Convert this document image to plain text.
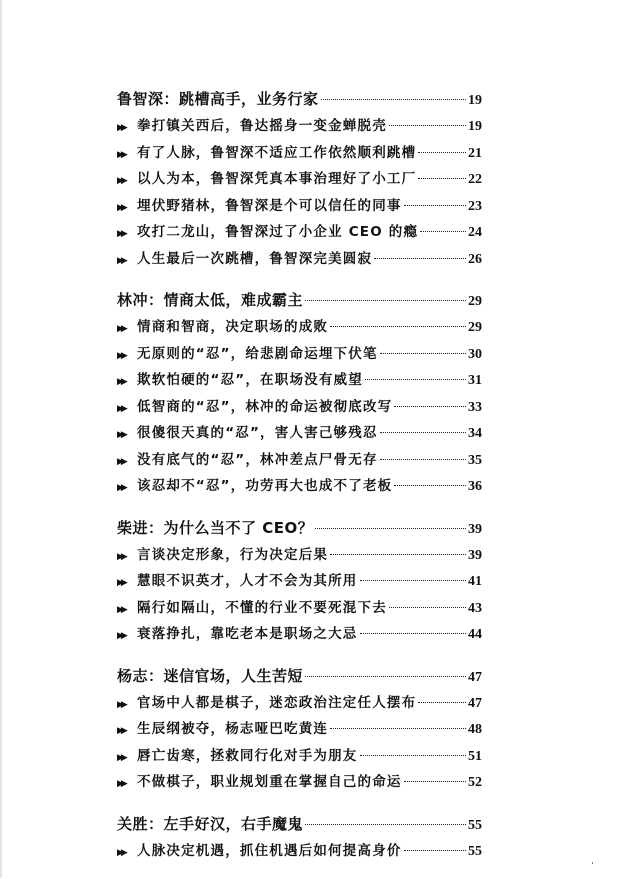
鲁智深：跳槽高手，业务行家	19
▶▶ 拳打镇关西后，鲁达摇身一变金蝉脱壳	19
▶▶ 有了人脉，鲁智深不适应工作依然顺利跳槽	21
▶▶ 以人为本，鲁智深凭真本事治理好了小工厂	22
▶▶ 埋伏野猪林，鲁智深是个可以信任的同事	23
▶▶ 攻打二龙山，鲁智深过了小企业 CEO 的瘾	24
▶▶ 人生最后一次跳槽，鲁智深完美圆寂	26
林冲：情商太低，难成霸主	29
▶▶ 情商和智商，决定职场的成败	29
▶▶ 无原则的“忍”，给悲剧命运埋下伏笔	30
▶▶ 欺软怕硬的“忍”，在职场没有威望	31
▶▶ 低智商的“忍”，林冲的命运被彻底改写	33
▶▶ 很傻很天真的“忍”，害人害己够残忍	34
▶▶ 没有底气的“忍”，林冲差点尸骨无存	35
▶▶ 该忍却不“忍”，功劳再大也成不了老板	36
柴进：为什么当不了 CEO？	39
▶▶ 言谈决定形象，行为决定后果	39
▶▶ 慧眼不识英才，人才不会为其所用	41
▶▶ 隔行如隔山，不懂的行业不要死混下去	43
▶▶ 衰落挣扎，靠吃老本是职场之大忌	44
杨志：迷信官场，人生苦短	47
▶▶ 官场中人都是棋子，迷恋政治注定任人摆布	47
▶▶ 生辰纲被夺，杨志哑巴吃黄连	48
▶▶ 唇亡齿寒，拯救同行化对手为朋友	51
▶▶ 不做棋子，职业规划重在掌握自己的命运	52
关胜：左手好汉，右手魔鬼	55
▶▶ 人脉决定机遇，抓住机遇后如何提高身价	55
